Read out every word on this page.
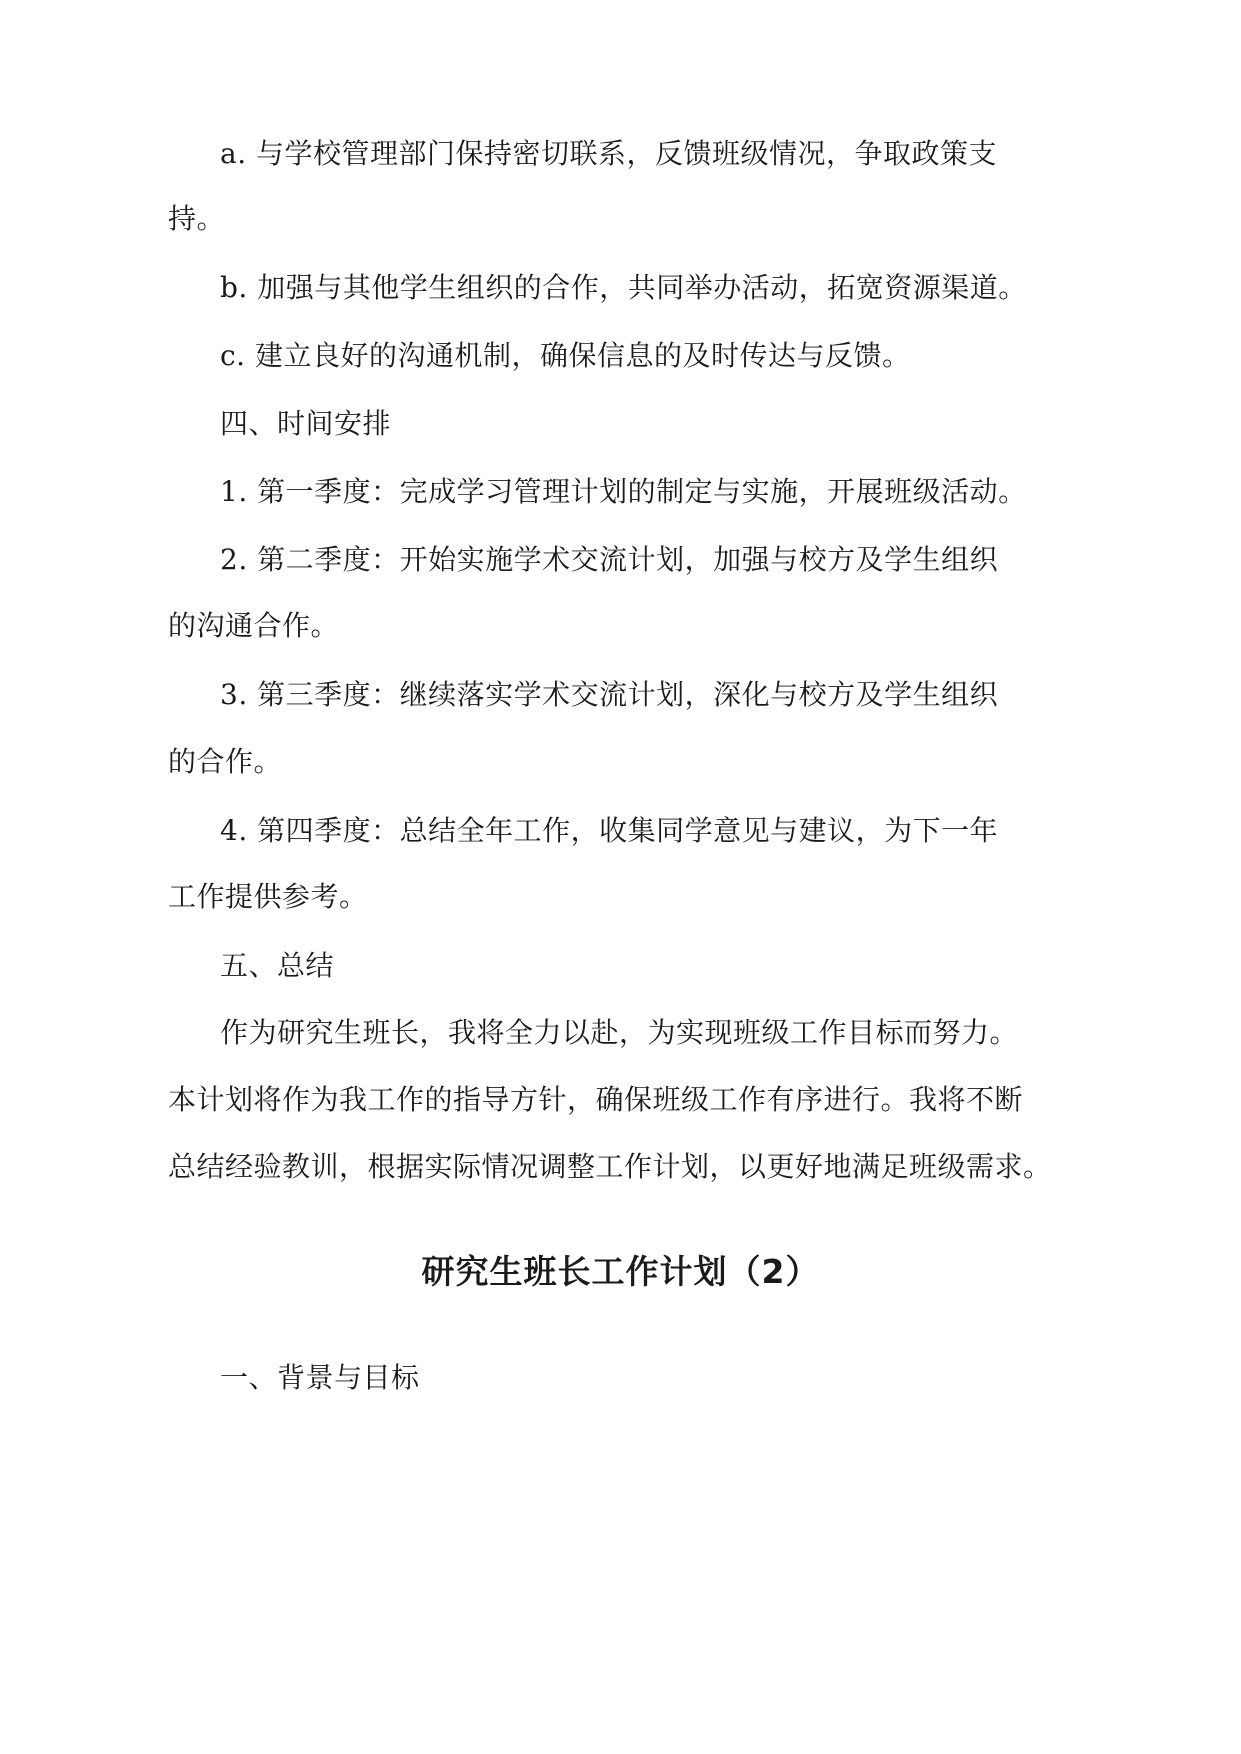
a. 与学校管理部门保持密切联系，反馈班级情况，争取政策支
持。
b. 加强与其他学生组织的合作，共同举办活动，拓宽资源渠道。
c. 建立良好的沟通机制，确保信息的及时传达与反馈。
四、时间安排
1. 第一季度：完成学习管理计划的制定与实施，开展班级活动。
2. 第二季度：开始实施学术交流计划，加强与校方及学生组织
的沟通合作。
3. 第三季度：继续落实学术交流计划，深化与校方及学生组织
的合作。
4. 第四季度：总结全年工作，收集同学意见与建议，为下一年
工作提供参考。
五、总结
作为研究生班长，我将全力以赴，为实现班级工作目标而努力。
本计划将作为我工作的指导方针，确保班级工作有序进行。我将不断
总结经验教训，根据实际情况调整工作计划，以更好地满足班级需求。
研究生班长工作计划（2）
一、背景与目标
